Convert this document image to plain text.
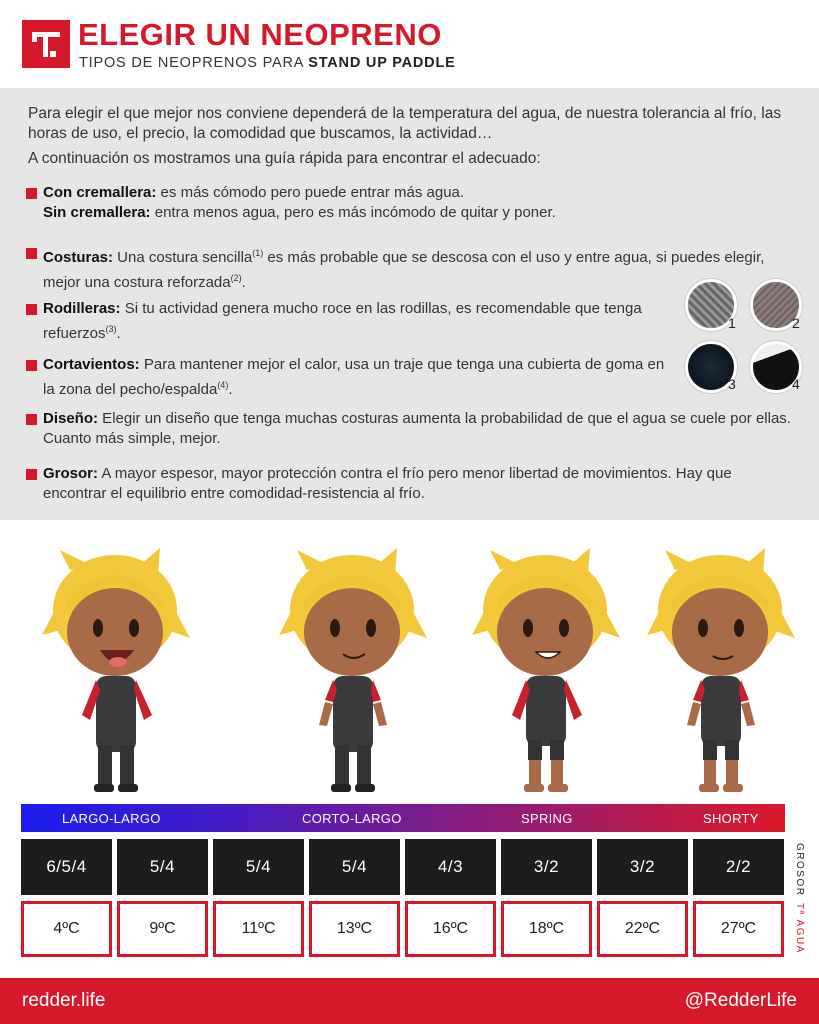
ELEGIR UN NEOPRENO
TIPOS DE NEOPRENOS PARA STAND UP PADDLE
Para elegir el que mejor nos conviene dependerá de la temperatura del agua, de nuestra tolerancia al frío, las horas de uso, el precio, la comodidad que buscamos, la actividad…
A continuación os mostramos una guía rápida para encontrar el adecuado:
Con cremallera: es más cómodo pero puede entrar más agua.
Sin cremallera: entra menos agua, pero es más incómodo de quitar y poner.
Costuras: Una costura sencilla$^{(1)}$ es más probable que se descosa con el uso y entre agua, si puedes elegir, mejor una costura reforzada$^{(2)}$.
Rodilleras: Si tu actividad genera mucho roce en las rodillas, es recomendable que tenga refuerzos$^{(3)}$.
Cortavientos: Para mantener mejor el calor, usa un traje que tenga una cubierta de goma en la zona del pecho/espalda$^{(4)}$.
Diseño: Elegir un diseño que tenga muchas costuras aumenta la probabilidad de que el agua se cuele por ellas. Cuanto más simple, mejor.
Grosor: A mayor espesor, mayor protección contra el frío pero menor libertad de movimientos. Hay que encontrar el equilibrio entre comodidad-resistencia al frío.
1	2
3	4
LARGO-LARGO	CORTO-LARGO	SPRING	SHORTY
6/5/4	5/4	5/4	5/4	4/3	3/2	3/2	2/2
4ºC	9ºC	11ºC	13ºC	16ºC	18ºC	22ºC	27ºC
GROSOR
Tª AGUA
redder.life	@RedderLife
